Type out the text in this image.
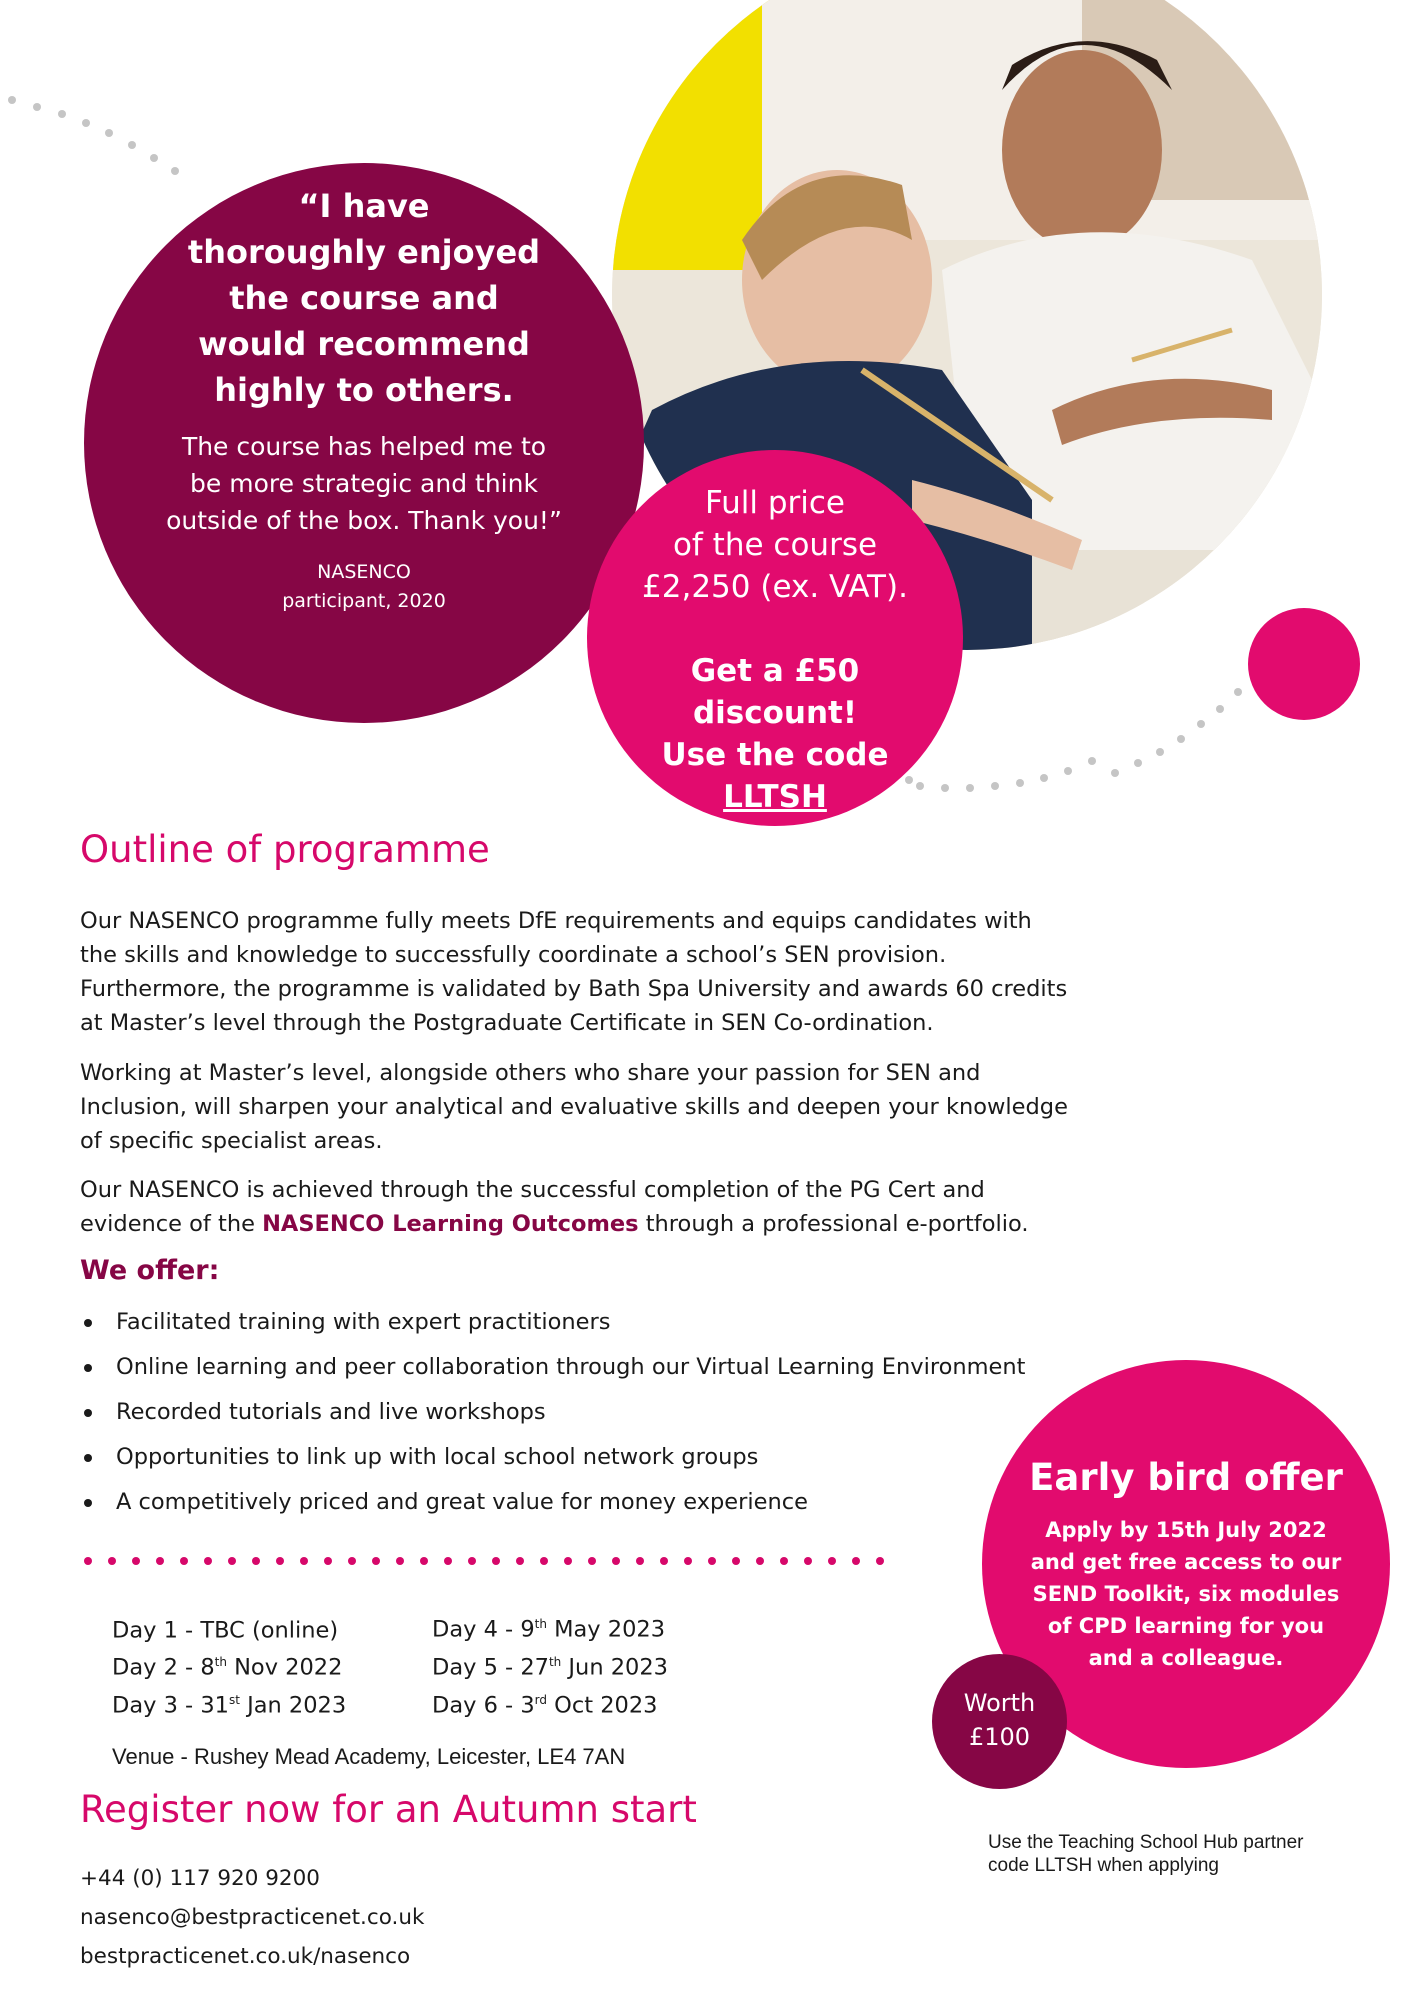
“I have
thoroughly enjoyed
the course and
would recommend
highly to others.
The course has helped me to
be more strategic and think
outside of the box. Thank you!”
NASENCO
participant, 2020
Full price
of the course
£2,250 (ex. VAT).
Get a £50 discount!
Use the code
LLTSH
Outline of programme
Our NASENCO programme fully meets DfE requirements and equips candidates with the skills and knowledge to successfully coordinate a school’s SEN provision. Furthermore, the programme is validated by Bath Spa University and awards 60 credits at Master’s level through the Postgraduate Certificate in SEN Co-ordination.
Working at Master’s level, alongside others who share your passion for SEN and Inclusion, will sharpen your analytical and evaluative skills and deepen your knowledge of specific specialist areas.
Our NASENCO is achieved through the successful completion of the PG Cert and evidence of the NASENCO Learning Outcomes through a professional e-portfolio.
We offer:
Facilitated training with expert practitioners
Online learning and peer collaboration through our Virtual Learning Environment
Recorded tutorials and live workshops
Opportunities to link up with local school network groups
A competitively priced and great value for money experience
Day 1 - TBC (online)
Day 2 - 8th Nov 2022
Day 3 - 31st Jan 2023
Day 4 - 9th May 2023
Day 5 - 27th Jun 2023
Day 6 - 3rd Oct 2023
Venue - Rushey Mead Academy, Leicester, LE4 7AN
Register now for an Autumn start
+44 (0) 117 920 9200
nasenco@bestpracticenet.co.uk
bestpracticenet.co.uk/nasenco
Early bird offer
Apply by 15th July 2022
and get free access to our
SEND Toolkit, six modules
of CPD learning for you
and a colleague.
Worth
£100
Use the Teaching School Hub partner
code LLTSH when applying
